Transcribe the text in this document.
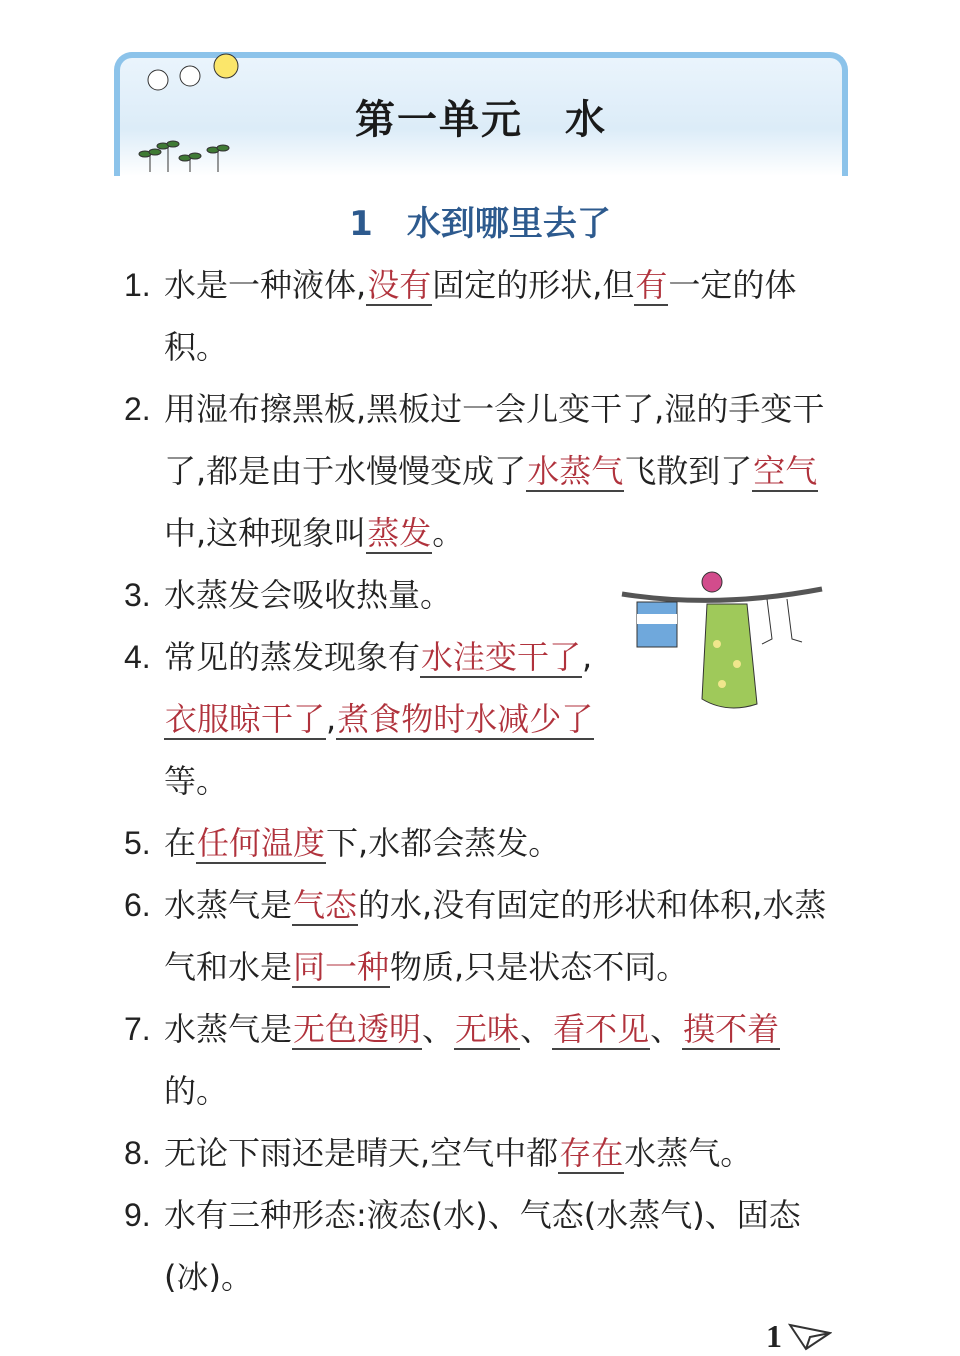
第一单元　水
1　水到哪里去了
1. 水是一种液体,没有固定的形状,但有一定的体积。
2. 用湿布擦黑板,黑板过一会儿变干了,湿的手变干了,都是由于水慢慢变成了水蒸气飞散到了空气中,这种现象叫蒸发。
3. 水蒸发会吸收热量。
4. 常见的蒸发现象有水洼变干了,衣服晾干了,煮食物时水减少了等。
5. 在任何温度下,水都会蒸发。
6. 水蒸气是气态的水,没有固定的形状和体积,水蒸气和水是同一种物质,只是状态不同。
7. 水蒸气是无色透明、无味、看不见、摸不着的。
8. 无论下雨还是晴天,空气中都存在水蒸气。
9. 水有三种形态:液态(水)、气态(水蒸气)、固态(冰)。
1
